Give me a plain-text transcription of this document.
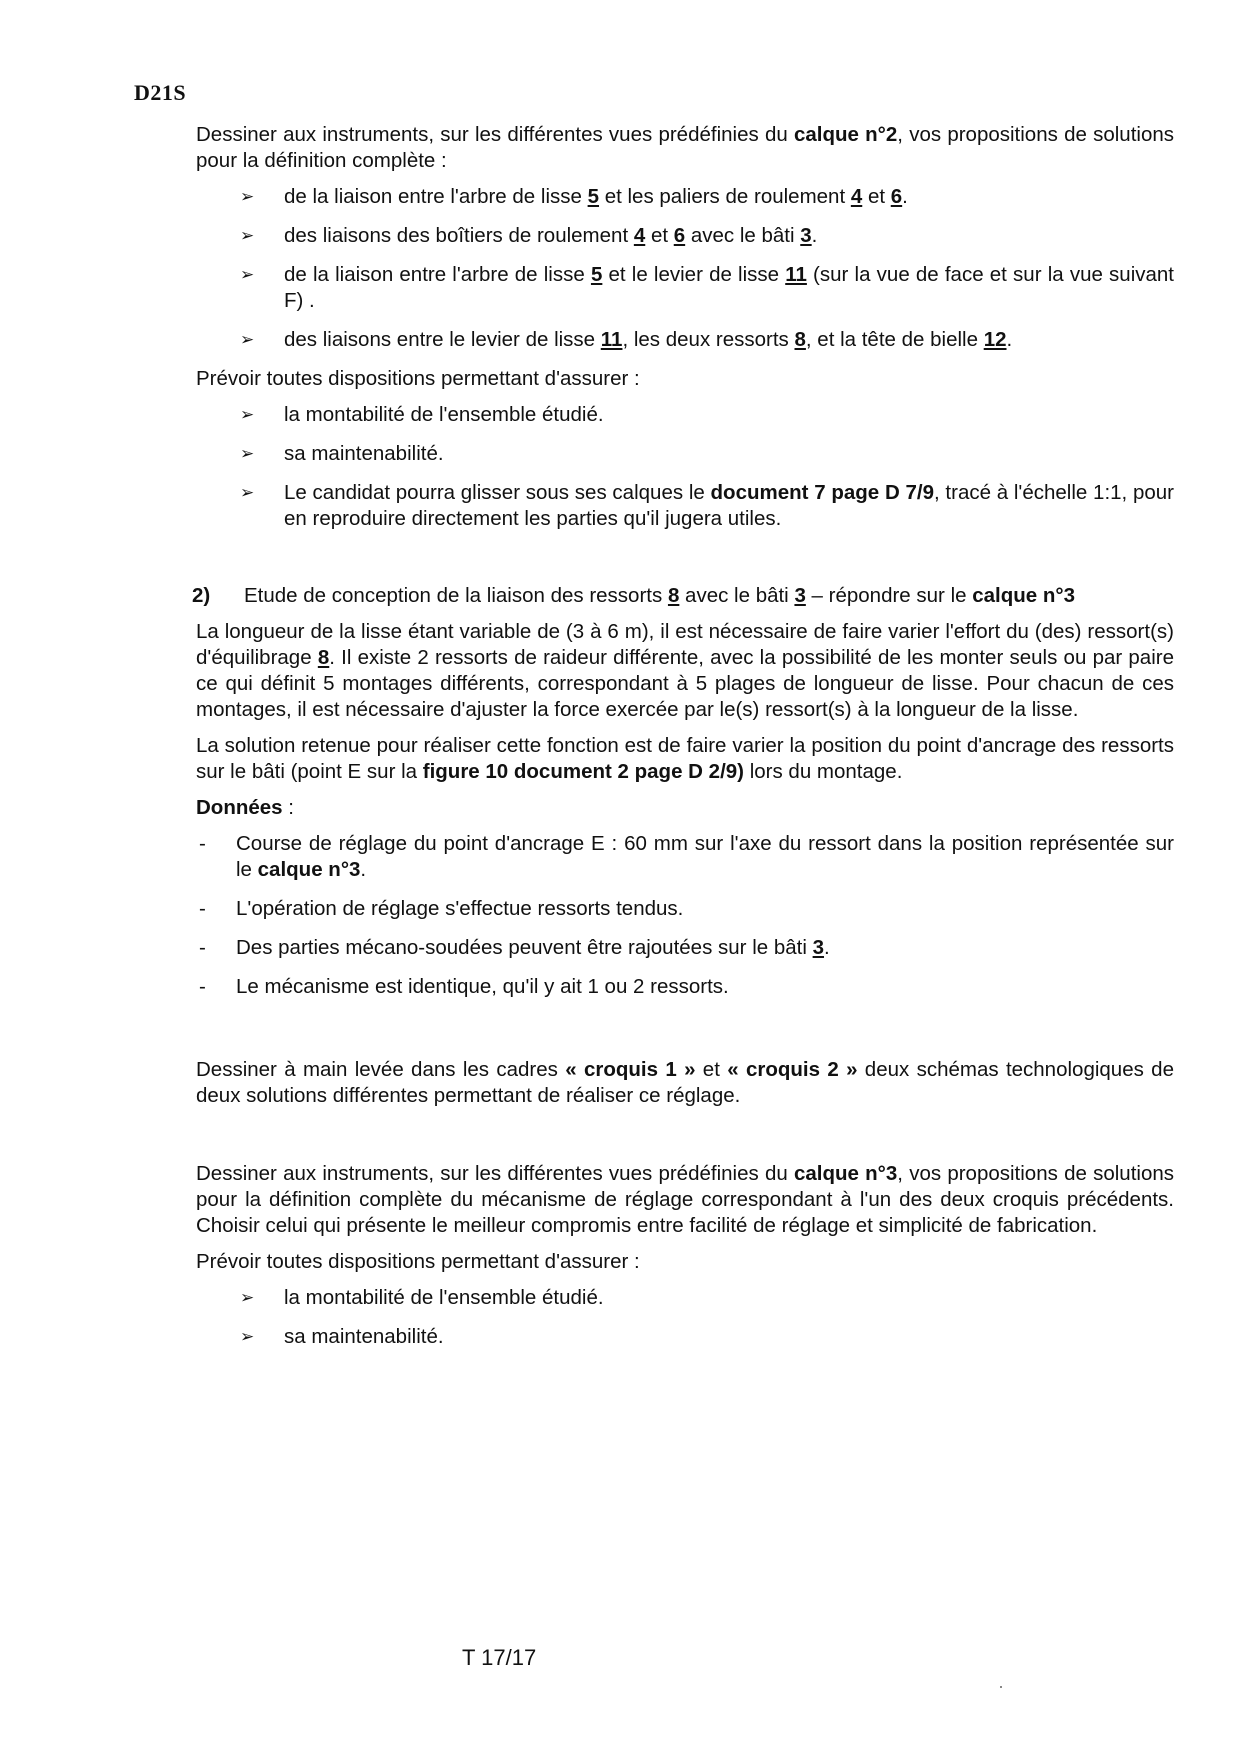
D21S

Dessiner aux instruments, sur les différentes vues prédéfinies du calque n°2, vos propositions de solutions pour la définition complète :

➢ de la liaison entre l'arbre de lisse 5 et les paliers de roulement 4 et 6.
➢ des liaisons des boîtiers de roulement 4 et 6 avec le bâti 3.
➢ de la liaison entre l'arbre de lisse 5 et le levier de lisse 11 (sur la vue de face et sur la vue suivant F) .
➢ des liaisons entre le levier de lisse 11, les deux ressorts 8, et la tête de bielle 12.

Prévoir toutes dispositions permettant d'assurer :

➢ la montabilité de l'ensemble étudié.
➢ sa maintenabilité.
➢ Le candidat pourra glisser sous ses calques le document 7 page D 7/9, tracé à l'échelle 1:1, pour en reproduire directement les parties qu'il jugera utiles.
2) Etude de conception de la liaison des ressorts 8 avec le bâti 3 – répondre sur le calque n°3

La longueur de la lisse étant variable de (3 à 6 m), il est nécessaire de faire varier l'effort du (des) ressort(s) d'équilibrage 8. Il existe 2 ressorts de raideur différente, avec la possibilité de les monter seuls ou par paire ce qui définit 5 montages différents, correspondant à 5 plages de longueur de lisse. Pour chacun de ces montages, il est nécessaire d'ajuster la force exercée par le(s) ressort(s) à la longueur de la lisse.

La solution retenue pour réaliser cette fonction est de faire varier la position du point d'ancrage des ressorts sur le bâti (point E sur la figure 10 document 2 page D 2/9) lors du montage.

Données :

- Course de réglage du point d'ancrage E : 60 mm sur l'axe du ressort dans la position représentée sur le calque n°3.
- L'opération de réglage s'effectue ressorts tendus.
- Des parties mécano-soudées peuvent être rajoutées sur le bâti 3.
- Le mécanisme est identique, qu'il y ait 1 ou 2 ressorts.

Dessiner à main levée dans les cadres « croquis 1 » et « croquis 2 » deux schémas technologiques de deux solutions différentes permettant de réaliser ce réglage.

Dessiner aux instruments, sur les différentes vues prédéfinies du calque n°3, vos propositions de solutions pour la définition complète du mécanisme de réglage correspondant à l'un des deux croquis précédents. Choisir celui qui présente le meilleur compromis entre facilité de réglage et simplicité de fabrication.

Prévoir toutes dispositions permettant d'assurer :

➢ la montabilité de l'ensemble étudié.
➢ sa maintenabilité.
T 17/17
